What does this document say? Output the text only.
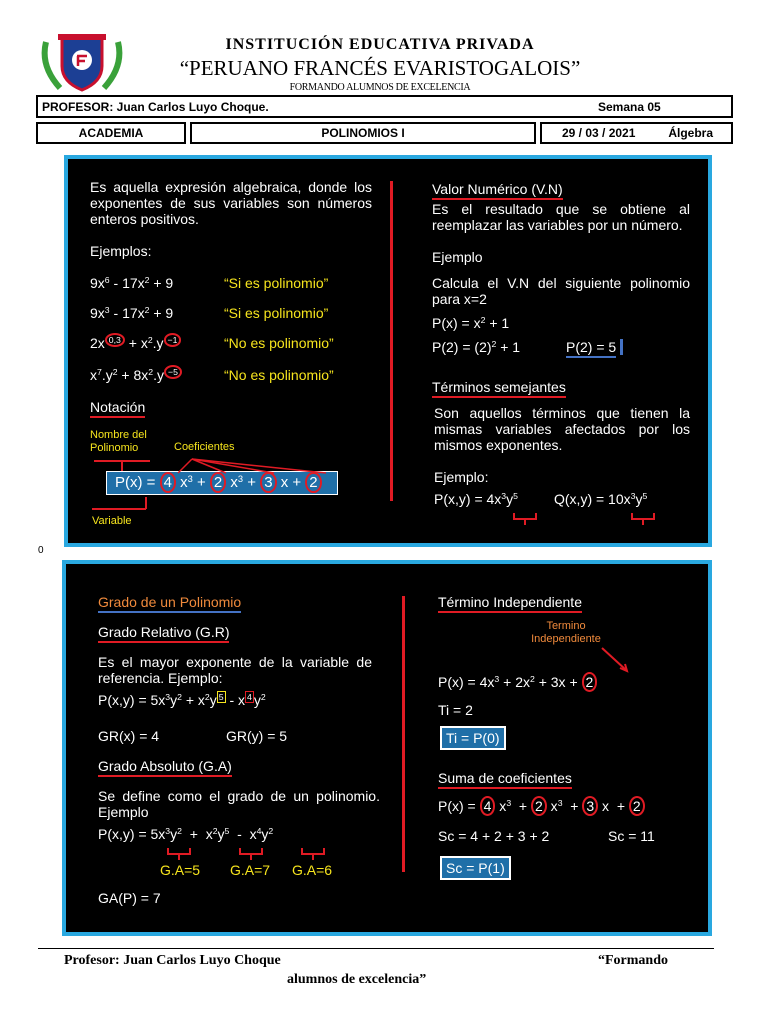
INSTITUCIÓN EDUCATIVA PRIVADA
“PERUANO FRANCÉS EVARISTOGALOIS”
FORMANDO ALUMNOS DE EXCELENCIA
PROFESOR: Juan Carlos Luyo Choque.	Semana 05
ACADEMIA	POLINOMIOS I	29 / 03 / 2021	Álgebra
Es aquella expresión algebraica, donde los exponentes de sus variables son números enteros positivos.
Ejemplos:
$9x^6 - 17x^2 + 9$	“Si es polinomio”
$9x^3 - 17x^2 + 9$	“Si es polinomio”
2x $^{0,3} + x^2.y$ $^{-1}$	“No es polinomio”
$x^7.y^2 + 8x^2.y$ $^{-5}$	“No es polinomio”
Notación
Nombre del Polinomio	Coeficientes
P(x) = 4 $x^3 + 2$ $x^3 + 3$ x + 2
Variable
Valor Numérico (V.N)
Es el resultado que se obtiene al reemplazar las variables por un número.
Ejemplo
Calcula el V.N del siguiente polinomio para x=2
$P(x) = x^2 + 1$
$P(2) = (2)^2 + 1$	P(2) = 5
Términos semejantes
Son aquellos términos que tienen la mismas variables afectados por los mismos exponentes.
Ejemplo:
$P(x,y) = 4x^3y^5$	$Q(x,y) = 10x^3y^5$
0
Grado de un Polinomio
Grado Relativo (G.R)
Es el mayor exponente de la variable de referencia. Ejemplo:
$P(x,y) = 5x^3y^2 + x^2y$ $^5$ - x $^4$ $y^2$
GR(x) = 4	GR(y) = 5
Grado Absoluto (G.A)
Se define como el grado de un polinomio. Ejemplo
$P(x,y) = 5x^3y^2 + x^2y^5 - x^4y^2$
G.A=5 G.A=7 G.A=6
GA(P) = 7
Término Independiente
Termino Independiente
$P(x) = 4x^3 + 2x^2 + 3x + 2$
Ti = 2
Ti = P(0)
Suma de coeficientes
P(x) = 4 $x^3 + 2$ $x^3 + 3$ x  + 2
Sc = 4 + 2 + 3 + 2	Sc = 11
Sc = P(1)
Profesor: Juan Carlos Luyo Choque	“Formando
alumnos de excelencia”
